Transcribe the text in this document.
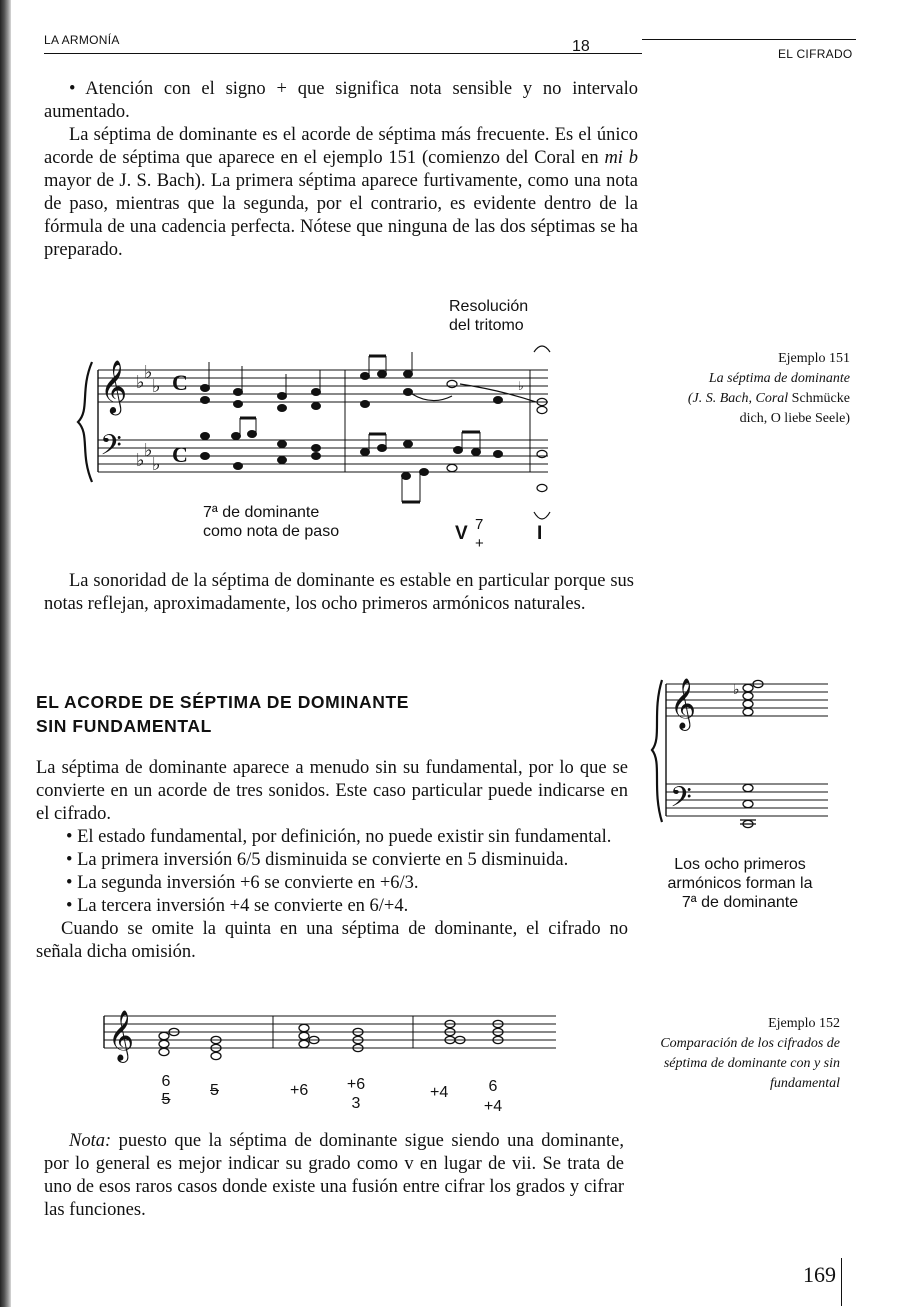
LA ARMONÍA	18	EL CIFRADO

• Atención con el signo + que significa nota sensible y no intervalo aumentado.

La séptima de dominante es el acorde de séptima más frecuente. Es el único acorde de séptima que aparece en el ejemplo 151 (comienzo del Coral en mi b mayor de J. S. Bach). La primera séptima aparece furtivamente, como una nota de paso, mientras que la segunda, por el contrario, es evidente dentro de la fórmula de una cadencia perfecta. Nótese que ninguna de las dos séptimas se ha preparado.

Resolución
del tritomo
𝄞
𝄢
♭ ♭
♭
♭ ♭
♭
C
C
♭
7ª de dominante
como nota de paso	V 7
+	I
Ejemplo 151
La séptima de dominante
(J. S. Bach, Coral Schmücke
dich, O liebe Seele)
La sonoridad de la séptima de dominante es estable en particular porque sus notas reflejan, aproximadamente, los ocho primeros armónicos naturales.
EL ACORDE DE SÉPTIMA DE DOMINANTE
SIN FUNDAMENTAL

La séptima de dominante aparece a menudo sin su fundamental, por lo que se convierte en un acorde de tres sonidos. Este caso particular puede indicarse en el cifrado.

• El estado fundamental, por definición, no puede existir sin fundamental.

• La primera inversión 6/5 disminuida se convierte en 5 disminuida.

• La segunda inversión +6 se convierte en +6/3.

• La tercera inversión +4 se convierte en 6/+4.

Cuando se omite la quinta en una séptima de dominante, el cifrado no señala dicha omisión.

𝄞
𝄢
♭
Los ocho primeros
armónicos forman la
7ª de dominante
𝄞
6
5
5	+6 +6
3
+4	6
+4
Ejemplo 152
Comparación de los cifrados de
séptima de dominante con y sin
fundamental
Nota: puesto que la séptima de dominante sigue siendo una dominante, por lo general es mejor indicar su grado como v en lugar de vii. Se trata de uno de esos raros casos donde existe una fusión entre cifrar los grados y cifrar las funciones.
169
